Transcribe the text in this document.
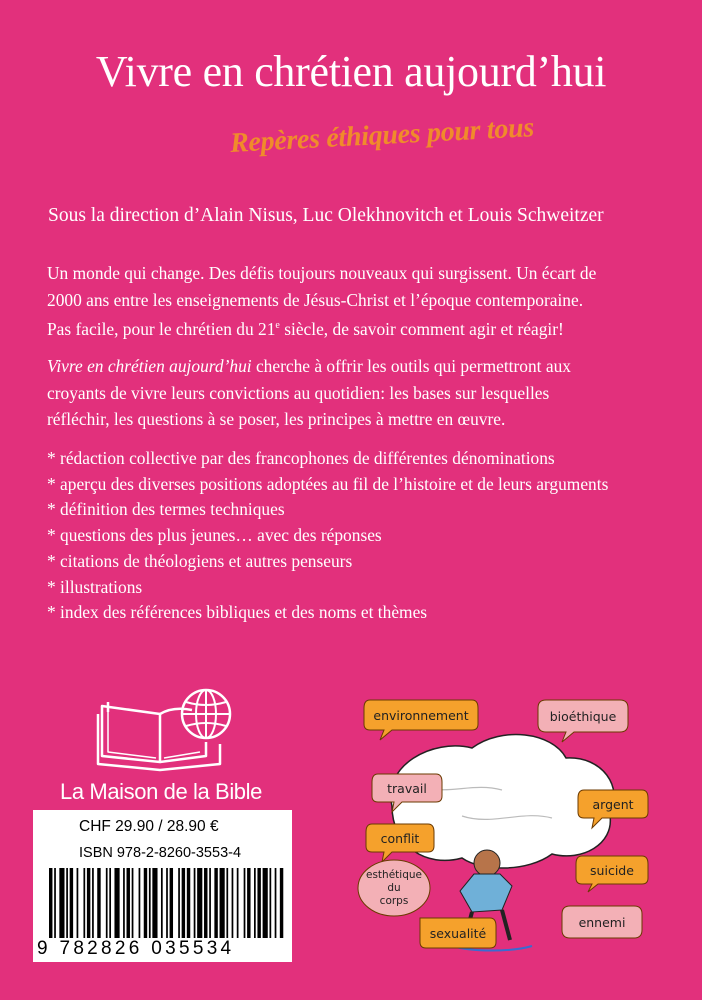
Vivre en chrétien aujourd’hui
Repères éthiques pour tous
Sous la direction d’Alain Nisus, Luc Olekhnovitch et Louis Schweitzer

Un monde qui change. Des défis toujours nouveaux qui surgissent. Un écart de
2000 ans entre les enseignements de Jésus-Christ et l’époque contemporaine.
Pas facile, pour le chrétien du 21e siècle, de savoir comment agir et réagir!

Vivre en chrétien aujourd’hui cherche à offrir les outils qui permettront aux
croyants de vivre leurs convictions au quotidien: les bases sur lesquelles
réfléchir, les questions à se poser, les principes à mettre en œuvre.

* rédaction collective par des francophones de différentes dénominations
* aperçu des diverses positions adoptées au fil de l’histoire et de leurs arguments
* définition des termes techniques
* questions des plus jeunes… avec des réponses
* citations de théologiens et autres penseurs
* illustrations
* index des références bibliques et des noms et thèmes
La Maison de la Bible
CHF 29.90 / 28.90 €
ISBN 978-2-8260-3553-4
9 782826 035534
environnement
argent
conflit
suicide
sexualité
bioéthique
travail
esthétique
du
corps
ennemi
